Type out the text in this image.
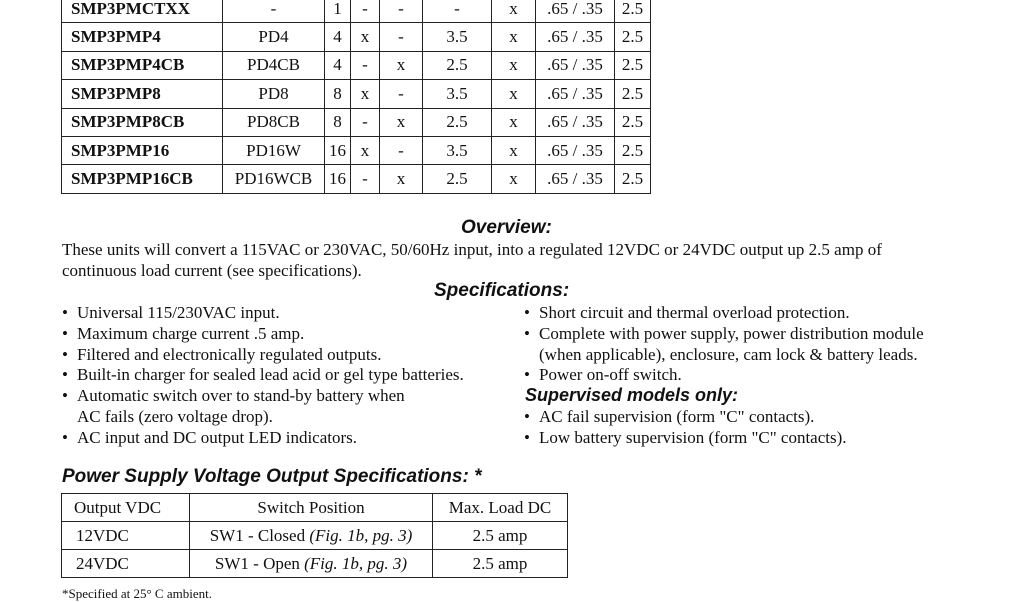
SMP3PMCTXX	-	1	-	-	-	x	.65 / .35	2.5
SMP3PMP4	PD4	4	x	-	3.5	x	.65 / .35	2.5
SMP3PMP4CB	PD4CB	4	-	x	2.5	x	.65 / .35	2.5
SMP3PMP8	PD8	8	x	-	3.5	x	.65 / .35	2.5
SMP3PMP8CB	PD8CB	8	-	x	2.5	x	.65 / .35	2.5
SMP3PMP16	PD16W	16	x	-	3.5	x	.65 / .35	2.5
SMP3PMP16CB	PD16WCB	16	-	x	2.5	x	.65 / .35	2.5
Overview:
These units will convert a 115VAC or 230VAC, 50/60Hz input, into a regulated 12VDC or 24VDC output up 2.5 amp of
continuous load current (see specifications).
Specifications:
• Universal 115/230VAC input.
• Maximum charge current .5 amp.
• Filtered and electronically regulated outputs.
• Built-in charger for sealed lead acid or gel type batteries.
• Automatic switch over to stand-by battery when
AC fails (zero voltage drop).
• AC input and DC output LED indicators.
• Short circuit and thermal overload protection.
• Complete with power supply, power distribution module
(when applicable), enclosure, cam lock & battery leads.
• Power on-off switch.
Supervised models only:
• AC fail supervision (form "C" contacts).
• Low battery supervision (form "C" contacts).
Power Supply Voltage Output Specifications: *
Output VDC	Switch Position	Max. Load DC
12VDC	SW1 - Closed (Fig. 1b, pg. 3)	2.5 amp
24VDC	SW1 - Open (Fig. 1b, pg. 3)	2.5 amp
*Specified at 25° C ambient.
